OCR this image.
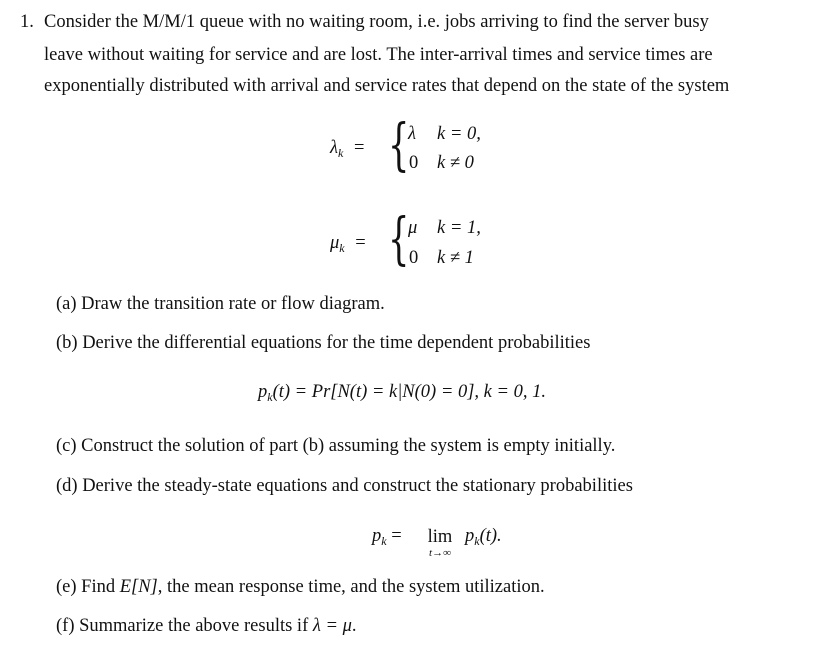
1. Consider the M/M/1 queue with no waiting room, i.e. jobs arriving to find the server busy
leave without waiting for service and are lost. The inter-arrival times and service times are
exponentially distributed with arrival and service rates that depend on the state of the system
$\lambda_k$ = {
λ k = 0,
0 k ≠ 0
$\mu_k$ = {
μ k = 1,
0 k ≠ 1
(a) Draw the transition rate or flow diagram.
(b) Derive the differential equations for the time dependent probabilities
$p_k(t) = Pr[N(t) = k|N(0) = 0]$, k = 0, 1.
(c) Construct the solution of part (b) assuming the system is empty initially.
(d) Derive the steady-state equations and construct the stationary probabilities
$p_k$ =	lim
t→∞
$p_k(t)$.
(e) Find E[N], the mean response time, and the system utilization.
(f) Summarize the above results if λ = μ.
